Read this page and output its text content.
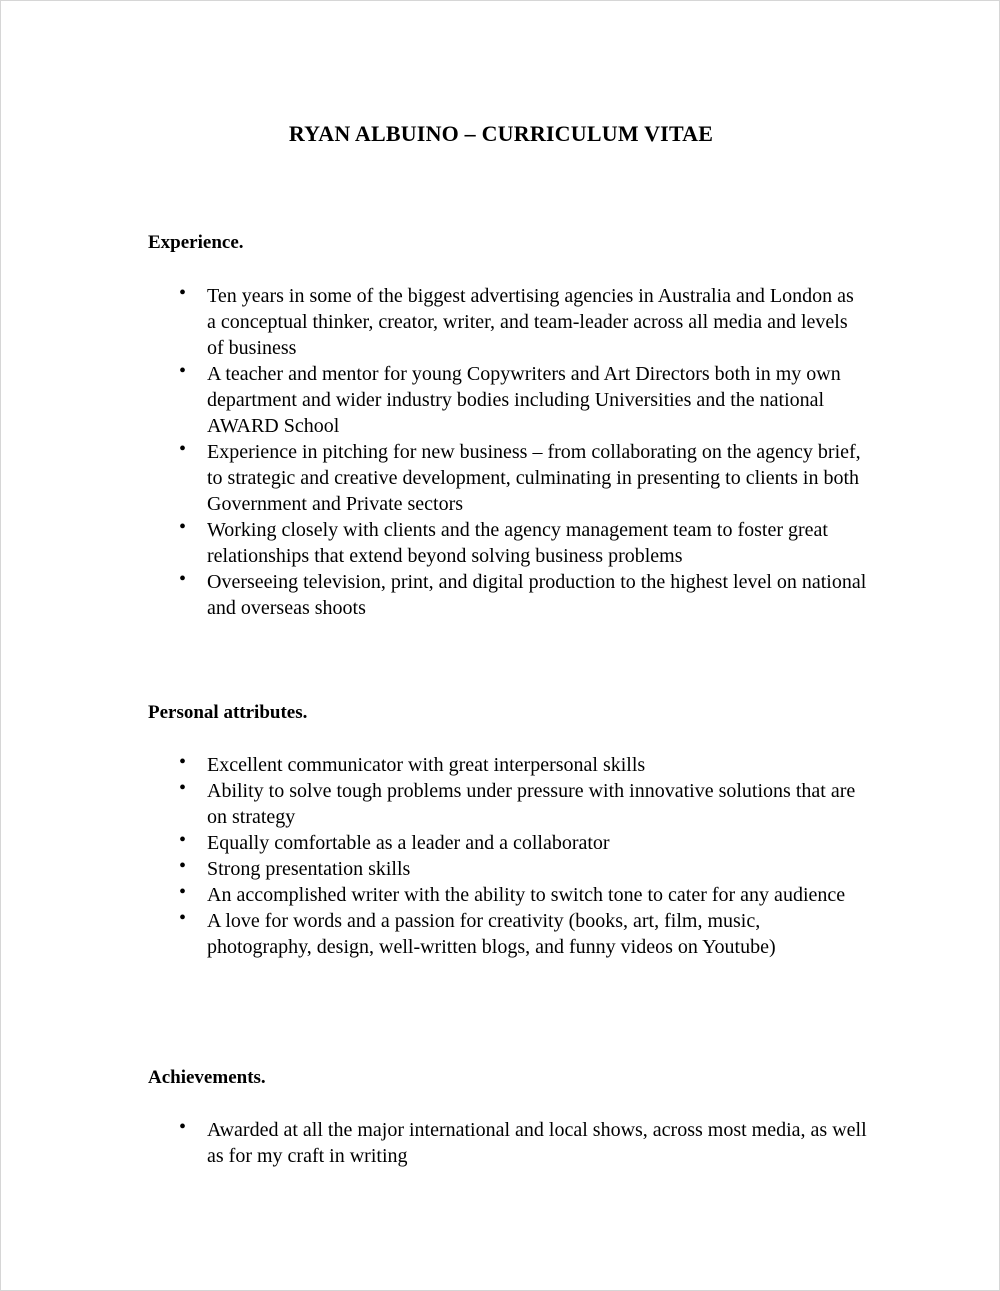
RYAN ALBUINO – CURRICULUM VITAE
Experience.
• Ten years in some of the biggest advertising agencies in Australia and London as a conceptual thinker, creator, writer, and team-leader across all media and levels of business
• A teacher and mentor for young Copywriters and Art Directors both in my own department and wider industry bodies including Universities and the national AWARD School
• Experience in pitching for new business – from collaborating on the agency brief, to strategic and creative development, culminating in presenting to clients in both Government and Private sectors
• Working closely with clients and the agency management team to foster great relationships that extend beyond solving business problems
• Overseeing television, print, and digital production to the highest level on national and overseas shoots
Personal attributes.
• Excellent communicator with great interpersonal skills
• Ability to solve tough problems under pressure with innovative solutions that are on strategy
• Equally comfortable as a leader and a collaborator
• Strong presentation skills
• An accomplished writer with the ability to switch tone to cater for any audience
• A love for words and a passion for creativity (books, art, film, music, photography, design, well-written blogs, and funny videos on Youtube)
Achievements.
• Awarded at all the major international and local shows, across most media, as well as for my craft in writing
